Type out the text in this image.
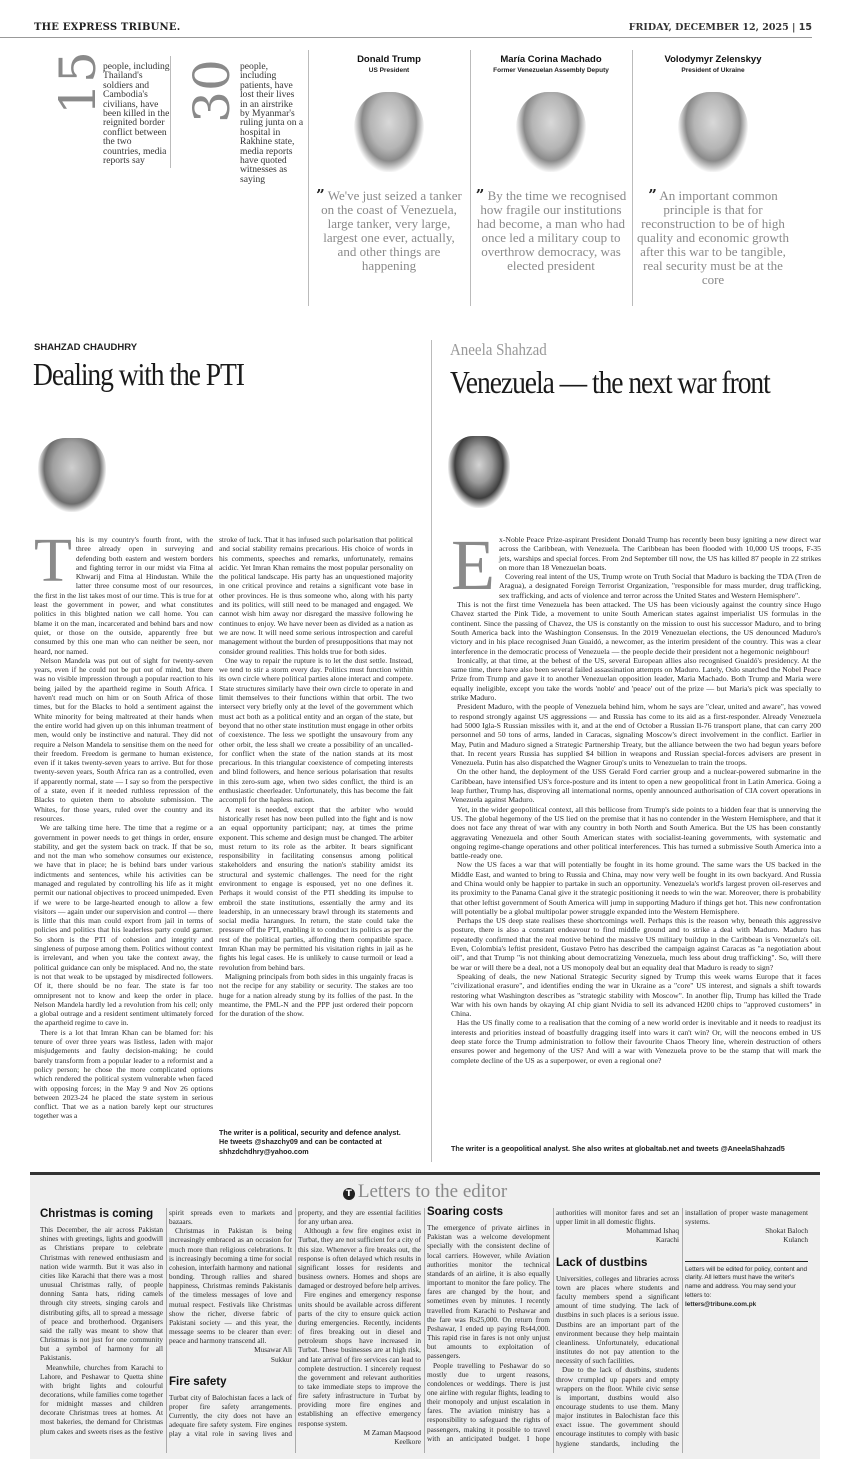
THE EXPRESS TRIBUNE.	FRIDAY, DECEMBER 12, 2025 | 15
15
people, including Thailand's soldiers and Cambodia's civilians, have been killed in the reignited border conflict between the two countries, media reports say
30 people, including patients, have lost their lives in an airstrike by Myanmar's ruling junta on a hospital in Rakhine state, media reports have quoted witnesses as saying
Donald Trump
US President
” We've just seized a tanker on the coast of Venezuela, large tanker, very large, largest one ever, actually, and other things are happening
María Corina Machado
Former Venezuelan Assembly Deputy
” By the time we recognised how fragile our institutions had become, a man who had once led a military coup to overthrow democracy, was elected president
Volodymyr Zelenskyy
President of Ukraine
” An important common principle is that for reconstruction to be of high quality and economic growth after this war to be tangible, real security must be at the core
SHAHZAD CHAUDHRY
Dealing with the PTI
T his is my country's fourth front, with the three already open in surveying and defending both eastern and western borders and fighting terror in our midst via Fitna al Khwarij and Fitna al Hindustan. While the latter three consume most of our resources, the first in the list takes most of our time. This is true for at least the government in power, and what constitutes politics in this blighted nation we call home. You can blame it on the man, incarcerated and behind bars and now quiet, or those on the outside, apparently free but consumed by this one man who can neither be seen, nor heard, nor named.

Nelson Mandela was put out of sight for twenty-seven years, even if he could not be put out of mind, but there was no visible impression through a popular reaction to his being jailed by the apartheid regime in South Africa. I haven't read much on him or on South Africa of those times, but for the Blacks to hold a sentiment against the White minority for being maltreated at their hands when the entire world had given up on this inhuman treatment of men, would only be instinctive and natural. They did not require a Nelson Mandela to sensitise them on the need for their freedom. Freedom is germane to human existence, even if it takes twenty-seven years to arrive. But for those twenty-seven years, South Africa ran as a controlled, even if apparently normal, state — I say so from the perspective of a state, even if it needed ruthless repression of the Blacks to quieten them to absolute submission. The Whites, for those years, ruled over the country and its resources.

We are talking time here. The time that a regime or a government in power needs to get things in order, ensure stability, and get the system back on track. If that be so, and not the man who somehow consumes our existence, we have that in place; he is behind bars under various indictments and sentences, while his activities can be managed and regulated by controlling his life as it might permit our national objectives to proceed unimpeded. Even if we were to be large-hearted enough to allow a few visitors — again under our supervision and control — there is little that this man could export from jail in terms of policies and politics that his leaderless party could garner. So shorn is the PTI of cohesion and integrity and singleness of purpose among them. Politics without context is irrelevant, and when you take the context away, the political guidance can only be misplaced. And no, the state is not that weak to be upstaged by misdirected followers. Of it, there should be no fear. The state is far too omnipresent not to know and keep the order in place. Nelson Mandela hardly led a revolution from his cell; only a global outrage and a resident sentiment ultimately forced the apartheid regime to cave in.

There is a lot that Imran Khan can be blamed for: his tenure of over three years was listless, laden with major misjudgements and faulty decision-making; he could barely transform from a popular leader to a reformist and a policy person; he chose the more complicated options which rendered the political system vulnerable when faced with opposing forces; in the May 9 and Nov 26 options between 2023-24 he placed the state system in serious conflict. That we as a nation barely kept our structures together was a

stroke of luck. That it has infused such polarisation that political and social stability remains precarious. His choice of words in his comments, speeches and remarks, unfortunately, remains acidic. Yet Imran Khan remains the most popular personality on the political landscape. His party has an unquestioned majority in one critical province and retains a significant vote base in other provinces. He is thus someone who, along with his party and its politics, will still need to be managed and engaged. We cannot wish him away nor disregard the massive following he continues to enjoy. We have never been as divided as a nation as we are now. It will need some serious introspection and careful management without the burden of presuppositions that may not consider ground realities. This holds true for both sides.

One way to repair the rupture is to let the dust settle. Instead, we tend to stir a storm every day. Politics must function within its own circle where political parties alone interact and compete. State structures similarly have their own circle to operate in and limit themselves to their functions within that orbit. The two intersect very briefly only at the level of the government which must act both as a political entity and an organ of the state, but beyond that no other state institution must engage in other orbits of coexistence. The less we spotlight the unsavoury from any other orbit, the less shall we create a possibility of an uncalled-for conflict when the state of the nation stands at its most precarious. In this triangular coexistence of competing interests and blind followers, and hence serious polarisation that results in this zero-sum age, when two sides conflict, the third is an enthusiastic cheerleader. Unfortunately, this has become the fait accompli for the hapless nation.

A reset is needed, except that the arbiter who would historically reset has now been pulled into the fight and is now an equal opportunity participant; nay, at times the prime exponent. This scheme and design must be changed. The arbiter must return to its role as the arbiter. It bears significant responsibility in facilitating consensus among political stakeholders and ensuring the nation's stability amidst its structural and systemic challenges. The need for the right environment to engage is espoused, yet no one defines it. Perhaps it would consist of the PTI shedding its impulse to embroil the state institutions, essentially the army and its leadership, in an unnecessary brawl through its statements and social media harangues. In return, the state could take the pressure off the PTI, enabling it to conduct its politics as per the rest of the political parties, affording them compatible space. Imran Khan may be permitted his visitation rights in jail as he fights his legal cases. He is unlikely to cause turmoil or lead a revolution from behind bars.

Maligning principals from both sides in this ungainly fracas is not the recipe for any stability or security. The stakes are too huge for a nation already stung by its follies of the past. In the meantime, the PML-N and the PPP just ordered their popcorn for the duration of the show.

The writer is a political, security and defence analyst. He tweets @shazchy09 and can be contacted at shhzdchdhry@yahoo.com
Aneela Shahzad
Venezuela — the next war front
E x-Noble Peace Prize-aspirant President Donald Trump has recently been busy igniting a new direct war across the Caribbean, with Venezuela. The Caribbean has been flooded with 10,000 US troops, F-35 jets, warships and special forces. From 2nd September till now, the US has killed 87 people in 22 strikes on more than 18 Venezuelan boats.

Covering real intent of the US, Trump wrote on Truth Social that Maduro is backing the TDA (Tren de Aragua), a designated Foreign Terrorist Organization, "responsible for mass murder, drug trafficking, sex trafficking, and acts of violence and terror across the United States and Western Hemisphere".

This is not the first time Venezuela has been attacked. The US has been viciously against the country since Hugo Chavez started the Pink Tide, a movement to unite South American states against imperialist US formulas in the continent. Since the passing of Chavez, the US is constantly on the mission to oust his successor Maduro, and to bring South America back into the Washington Consensus. In the 2019 Venezuelan elections, the US denounced Maduro's victory and in his place recognised Juan Guaidó, a newcomer, as the interim president of the country. This was a clear interference in the democratic process of Venezuela — the people decide their president not a hegemonic neighbour!

Ironically, at that time, at the behest of the US, several European allies also recognised Guaidó's presidency. At the same time, there have also been several failed assassination attempts on Maduro. Lately, Oslo snatched the Nobel Peace Prize from Trump and gave it to another Venezuelan opposition leader, Maria Machado. Both Trump and Maria were equally ineligible, except you take the words 'noble' and 'peace' out of the prize — but Maria's pick was specially to strike Maduro.

President Maduro, with the people of Venezuela behind him, whom he says are "clear, united and aware", has vowed to respond strongly against US aggressions — and Russia has come to its aid as a first-responder. Already Venezuela had 5000 Igla-S Russian missiles with it, and at the end of October a Russian Il-76 transport plane, that can carry 200 personnel and 50 tons of arms, landed in Caracas, signaling Moscow's direct involvement in the conflict. Earlier in May, Putin and Maduro signed a Strategic Partnership Treaty, but the alliance between the two had begun years before that. In recent years Russia has supplied $4 billion in weapons and Russian special-forces advisers are present in Venezuela. Putin has also dispatched the Wagner Group's units to Venezuelan to train the troops.

On the other hand, the deployment of the USS Gerald Ford carrier group and a nuclear-powered submarine in the Caribbean, have intensified US's force-posture and its intent to open a new geopolitical front in Latin America. Going a leap further, Trump has, disproving all international norms, openly announced authorisation of CIA covert operations in Venezuela against Maduro.

Yet, in the wider geopolitical context, all this bellicose from Trump's side points to a hidden fear that is unnerving the US. The global hegemony of the US lied on the premise that it has no contender in the Western Hemisphere, and that it does not face any threat of war with any country in both North and South America. But the US has been constantly aggravating Venezuela and other South American states with socialist-leaning governments, with systematic and ongoing regime-change operations and other political interferences. This has turned a submissive South America into a battle-ready one.

Now the US faces a war that will potentially be fought in its home ground. The same wars the US backed in the Middle East, and wanted to bring to Russia and China, may now very well be fought in its own backyard. And Russia and China would only be happier to partake in such an opportunity. Venezuela's world's largest proven oil-reserves and its proximity to the Panama Canal give it the strategic positioning it needs to win the war. Moreover, there is probability that other leftist government of South America will jump in supporting Maduro if things get hot. This new confrontation will potentially be a global multipolar power struggle expanded into the Western Hemisphere.

Perhaps the US deep state realises these shortcomings well. Perhaps this is the reason why, beneath this aggressive posture, there is also a constant endeavour to find middle ground and to strike a deal with Maduro. Maduro has repeatedly confirmed that the real motive behind the massive US military buildup in the Caribbean is Venezuela's oil. Even, Colombia's leftist president, Gustavo Petro has described the campaign against Caracas as "a negotiation about oil", and that Trump "is not thinking about democratizing Venezuela, much less about drug trafficking". So, will there be war or will there be a deal, not a US monopoly deal but an equality deal that Maduro is ready to sign?

Speaking of deals, the new National Strategic Security signed by Trump this week warns Europe that it faces "civilizational erasure", and identifies ending the war in Ukraine as a "core" US interest, and signals a shift towards restoring what Washington describes as "strategic stability with Moscow". In another flip, Trump has killed the Trade War with his own hands by okaying AI chip giant Nvidia to sell its advanced H200 chips to "approved customers" in China.

Has the US finally come to a realisation that the coming of a new world order is inevitable and it needs to readjust its interests and priorities instead of boastfully dragging itself into wars it can't win? Or, will the neocons embed in US deep state force the Trump administration to follow their favourite Chaos Theory line, wherein destruction of others ensures power and hegemony of the US? And will a war with Venezuela prove to be the stamp that will mark the complete decline of the US as a superpower, or even a regional one?

The writer is a geopolitical analyst. She also writes at globaltab.net and tweets @AneelaShahzad5
T Letters to the editor
Christmas is coming

This December, the air across Pakistan shines with greetings, lights and goodwill as Christians prepare to celebrate Christmas with renewed enthusiasm and nation wide warmth. But it was also in cities like Karachi that there was a most unusual Christmas rally, of people donning Santa hats, riding camels through city streets, singing carols and distributing gifts, all to spread a message of peace and brotherhood. Organisers said the rally was meant to show that Christmas is not just for one community but a symbol of harmony for all Pakistanis.

Meanwhile, churches from Karachi to Lahore, and Peshawar to Quetta shine with bright lights and colourful decorations, while families come together for midnight masses and children decorate Christmas trees at homes. At most bakeries, the demand for Christmas plum cakes and sweets rises as the festive spirit spreads even to markets and bazaars.

Christmas in Pakistan is being increasingly embraced as an occasion for much more than religious celebrations. It is increasingly becoming a time for social cohesion, interfaith harmony and national bonding. Through rallies and shared happiness, Christmas reminds Pakistanis of the timeless messages of love and mutual respect. Festivals like Christmas show the richer, diverse fabric of Pakistani society — and this year, the message seems to be clearer than ever: peace and harmony transcend all.

Musawar Ali
Sukkur
Fire safety

Turbat city of Balochistan faces a lack of proper fire safety arrangements. Currently, the city does not have an adequate fire safety system. Fire engines play a vital role in saving lives and property, and they are essential facilities for any urban area.

Although a few fire engines exist in Turbat, they are not sufficient for a city of this size. Whenever a fire breaks out, the response is often delayed which results in significant losses for residents and business owners. Homes and shops are damaged or destroyed before help arrives.

Fire engines and emergency response units should be available across different parts of the city to ensure quick action during emergencies. Recently, incidents of fires breaking out in diesel and petroleum shops have increased in Turbat. These businesses are at high risk, and late arrival of fire services can lead to complete destruction. I sincerely request the government and relevant authorities to take immediate steps to improve the fire safety infrastructure in Turbat by providing more fire engines and establishing an effective emergency response system.

M Zaman Maqsood
Keelkore
Soaring costs

The emergence of private airlines in Pakistan was a welcome development specially with the consistent decline of local carriers. However, while Aviation authorities monitor the technical standards of an airline, it is also equally important to monitor the fare policy. The fares are changed by the hour, and sometimes even by minutes. I recently travelled from Karachi to Peshawar and the fare was Rs25,000. On return from Peshawar, I ended up paying Rs44,000. This rapid rise in fares is not only unjust but amounts to exploitation of passengers.

People travelling to Peshawar do so mostly due to urgent reasons, condolences or weddings. There is just one airline with regular flights, leading to their monopoly and unjust escalation in fares. The aviation ministry has a responsibility to safeguard the rights of passengers, making it possible to travel with an anticipated budget. I hope authorities will monitor fares and set an upper limit in all domestic flights.

Mohammad Ishaq
Karachi
Lack of dustbins

Universities, colleges and libraries across town are places where students and faculty members spend a significant amount of time studying. The lack of dustbins in such places is a serious issue. Dustbins are an important part of the environment because they help maintain cleanliness. Unfortunately, educational institutes do not pay attention to the necessity of such facilities.

Due to the lack of dustbins, students throw crumpled up papers and empty wrappers on the floor. While civic sense is important, dustbins would also encourage students to use them. Many major institutes in Balochistan face this exact issue. The government should encourage institutes to comply with basic hygiene standards, including the installation of proper waste management systems.

Shokat Baloch
Kulanch
Letters will be edited for policy, content and clarity. All letters must have the writer's name and address. You may send your letters to:
letters@tribune.com.pk
